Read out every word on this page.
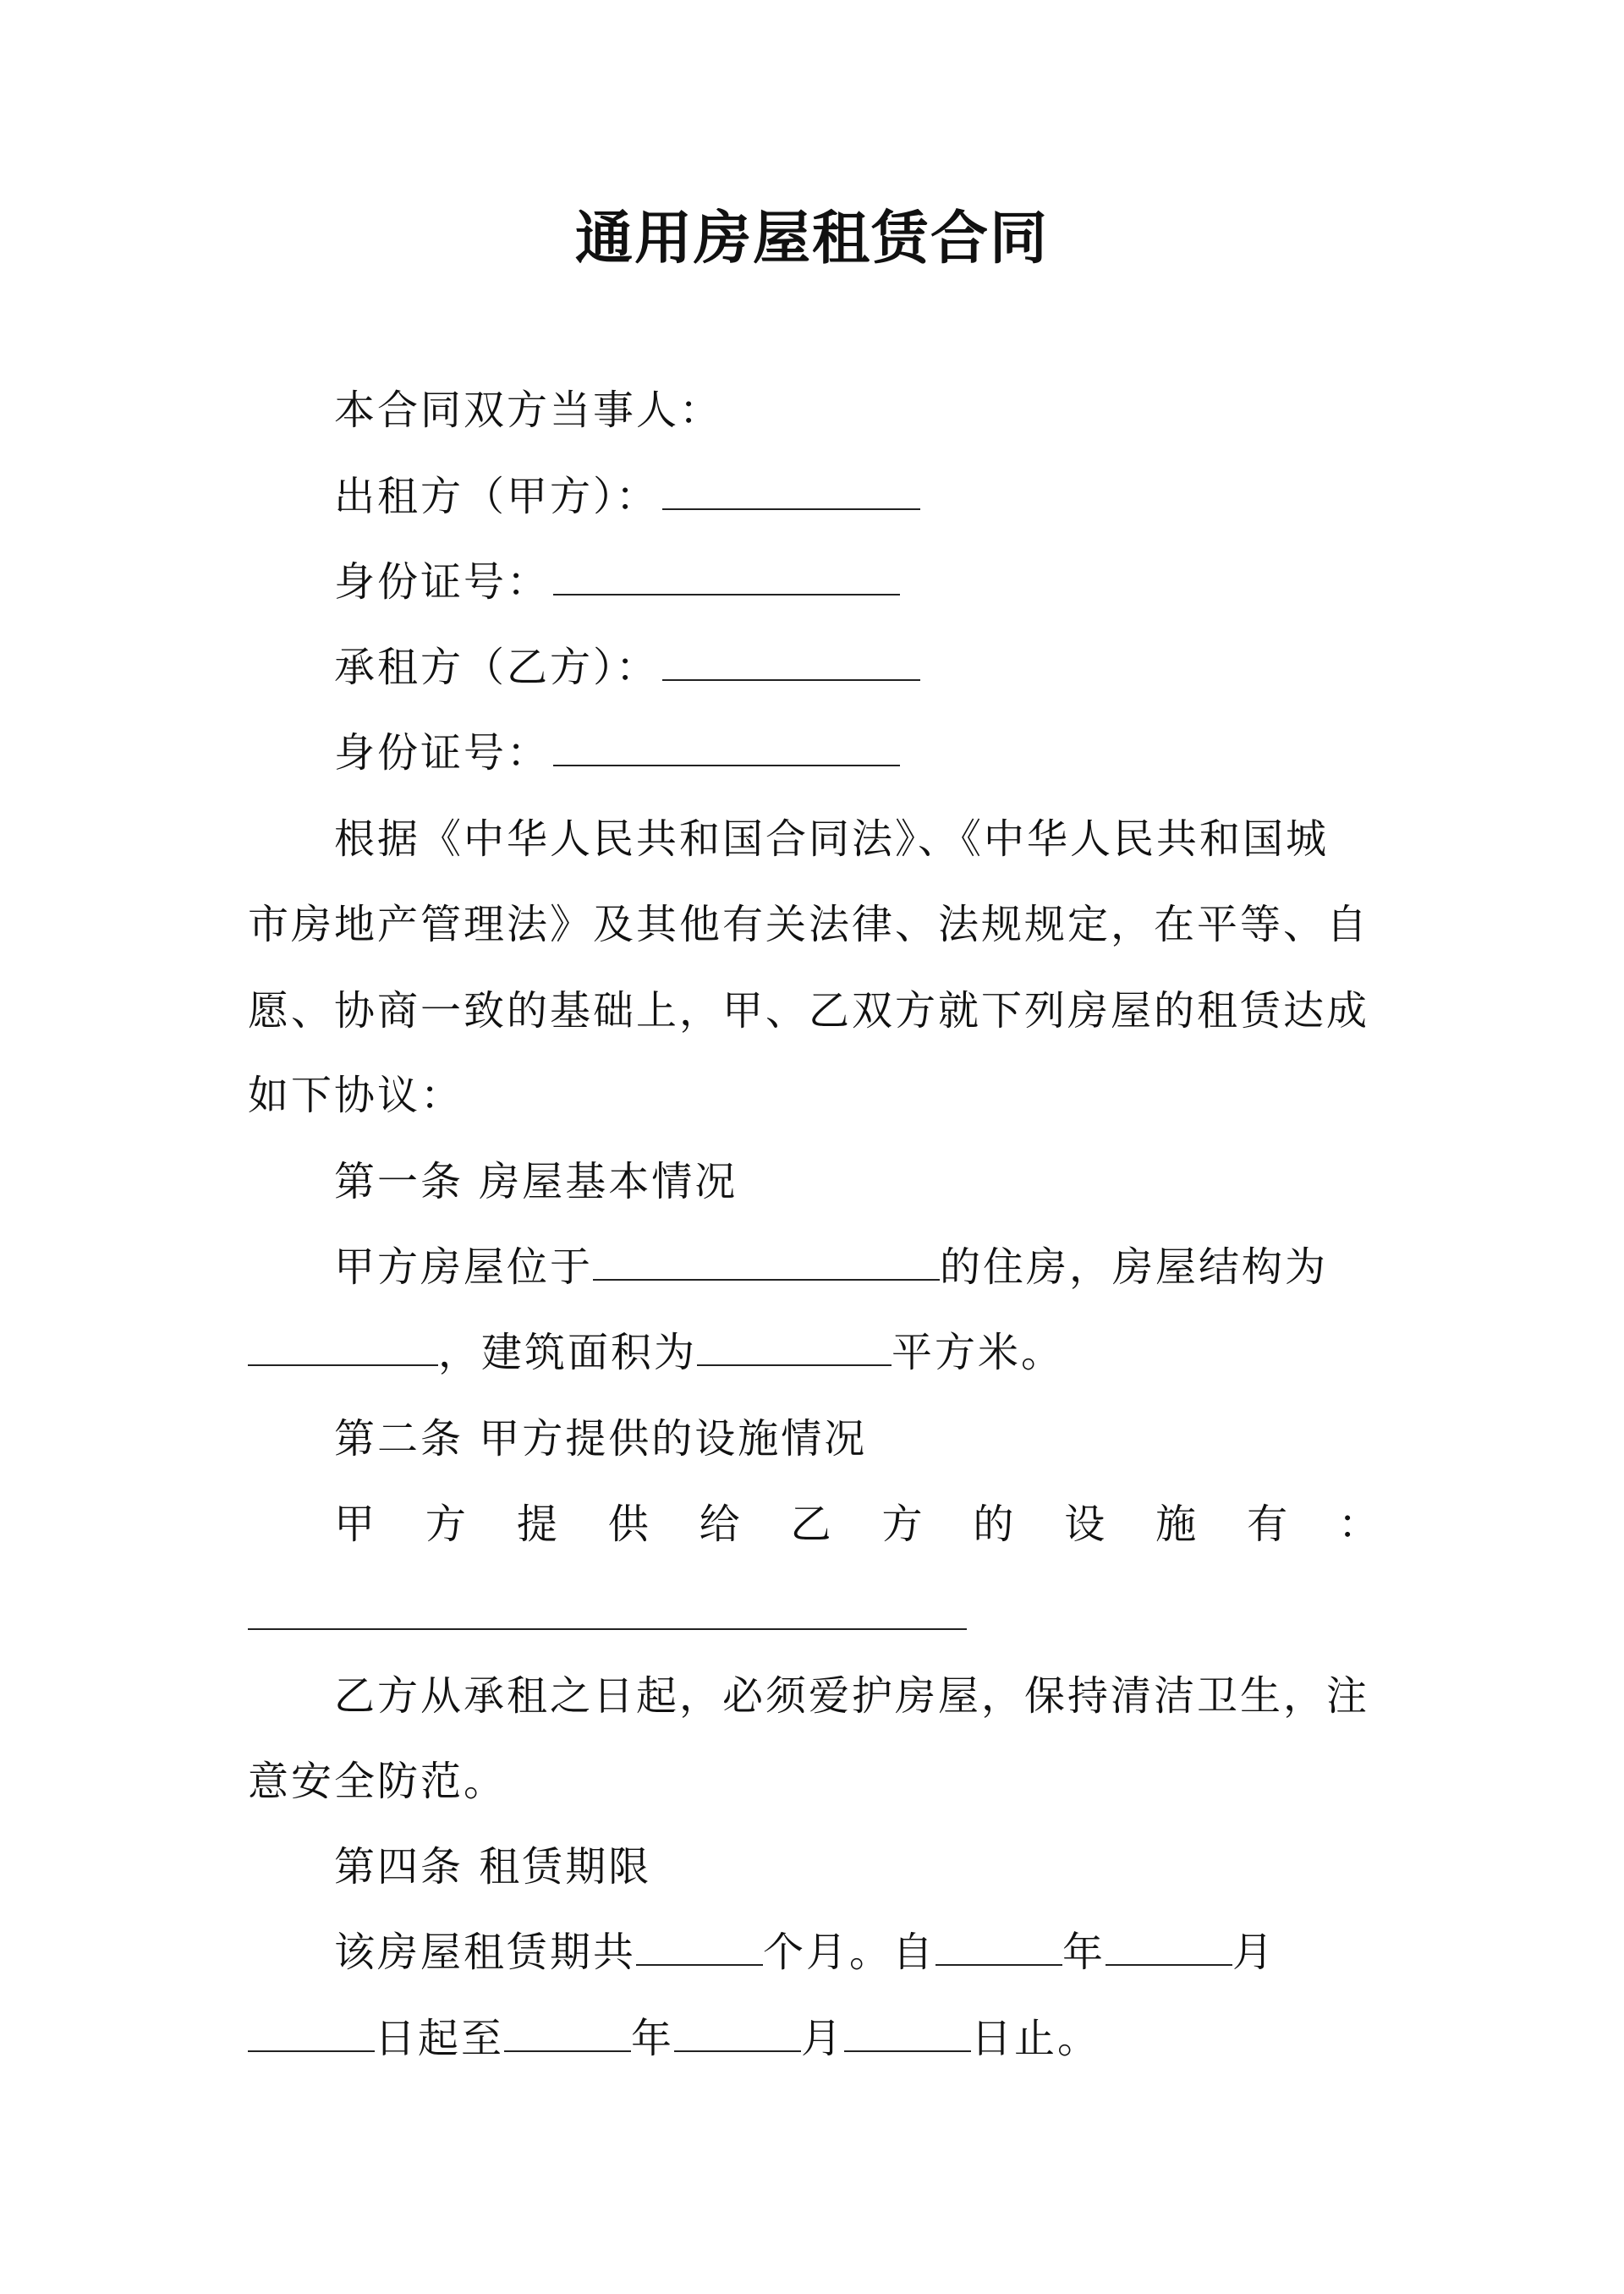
通用房屋租赁合同
本合同双方当事人：
出租方（甲方）：
身份证号：
承租方（乙方）：
身份证号：
根据《中华人民共和国合同法》、《中华人民共和国城
市房地产管理法》及其他有关法律、法规规定，在平等、自
愿、协商一致的基础上，甲、乙双方就下列房屋的租赁达成
如下协议：
第一条 房屋基本情况
甲方房屋位于	的住房，房屋结构为
，建筑面积为	平方米。
第二条 甲方提供的设施情况
甲 方 提 供 给 乙 方 的 设 施 有 ：
乙方从承租之日起，必须爱护房屋，保持清洁卫生，注
意安全防范。
第四条 租赁期限
该房屋租赁期共	个月。自	年	月
日起至	年	月	日止。
